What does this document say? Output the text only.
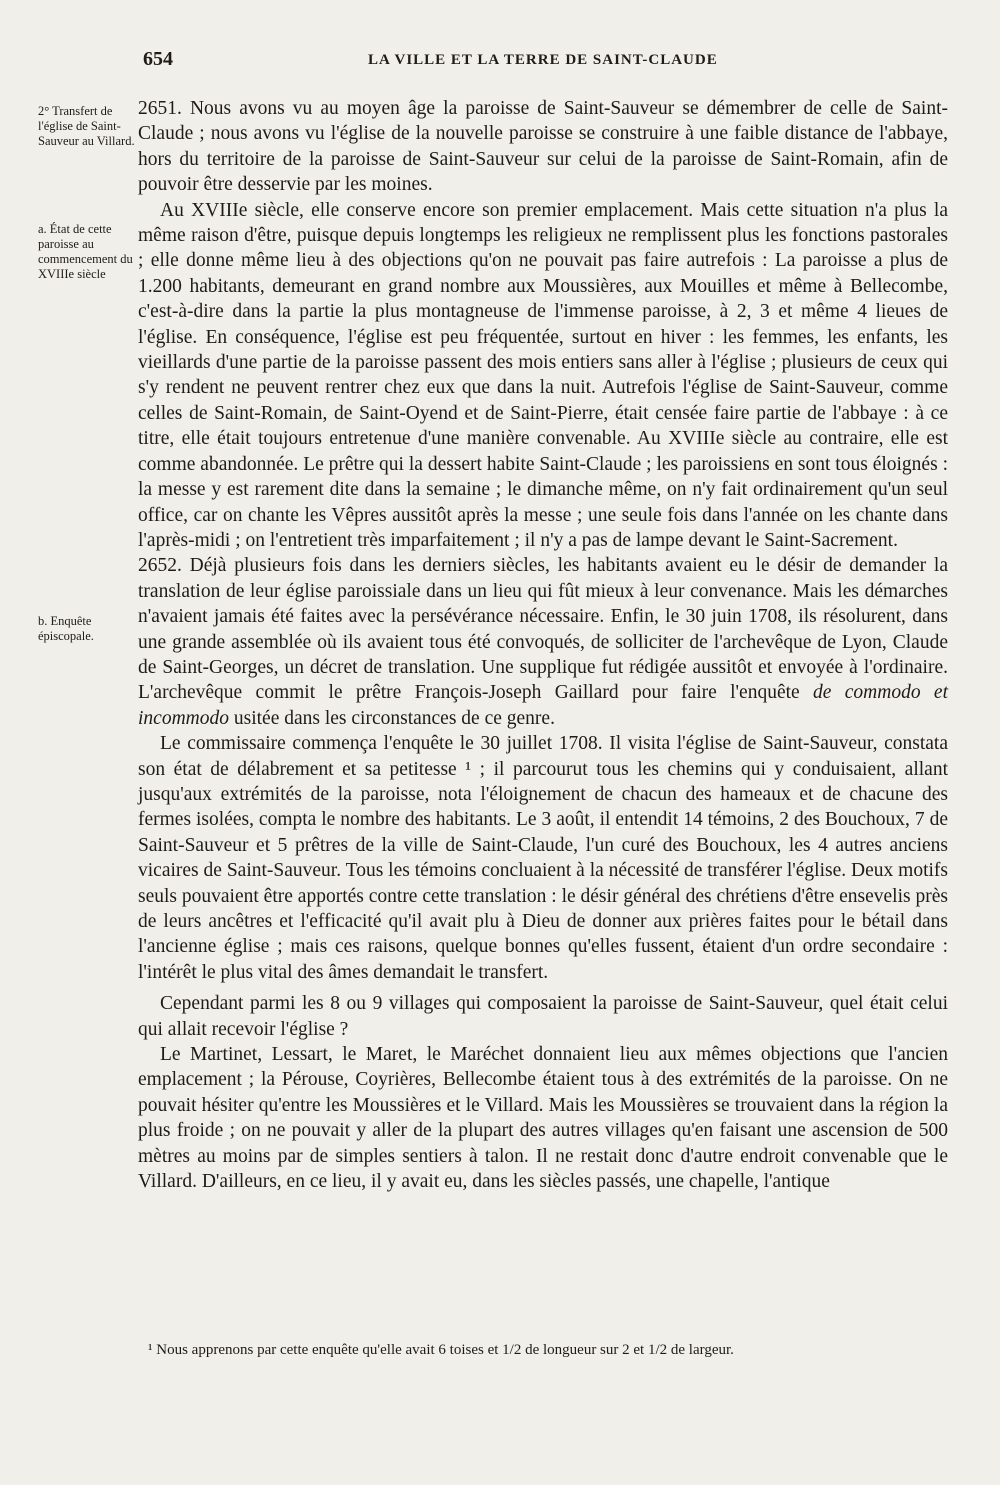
654	LA VILLE ET LA TERRE DE SAINT-CLAUDE

2° Transfert de l'église de Saint-Sauveur au Villard.

a. État de cette paroisse au commencement du XVIIIe siècle

b. Enquête épiscopale.

2651. Nous avons vu au moyen âge la paroisse de Saint-Sauveur se démembrer de celle de Saint-Claude ; nous avons vu l'église de la nouvelle paroisse se construire à une faible distance de l'abbaye, hors du territoire de la paroisse de Saint-Sauveur sur celui de la paroisse de Saint-Romain, afin de pouvoir être desservie par les moines.

Au XVIIIe siècle, elle conserve encore son premier emplacement. Mais cette situation n'a plus la même raison d'être, puisque depuis longtemps les religieux ne remplissent plus les fonctions pastorales ; elle donne même lieu à des objections qu'on ne pouvait pas faire autrefois : La paroisse a plus de 1.200 habitants, demeurant en grand nombre aux Moussières, aux Mouilles et même à Bellecombe, c'est-à-dire dans la partie la plus montagneuse de l'immense paroisse, à 2, 3 et même 4 lieues de l'église. En conséquence, l'église est peu fréquentée, surtout en hiver : les femmes, les enfants, les vieillards d'une partie de la paroisse passent des mois entiers sans aller à l'église ; plusieurs de ceux qui s'y rendent ne peuvent rentrer chez eux que dans la nuit. Autrefois l'église de Saint-Sauveur, comme celles de Saint-Romain, de Saint-Oyend et de Saint-Pierre, était censée faire partie de l'abbaye : à ce titre, elle était toujours entretenue d'une manière convenable. Au XVIIIe siècle au contraire, elle est comme abandonnée. Le prêtre qui la dessert habite Saint-Claude ; les paroissiens en sont tous éloignés : la messe y est rarement dite dans la semaine ; le dimanche même, on n'y fait ordinairement qu'un seul office, car on chante les Vêpres aussitôt après la messe ; une seule fois dans l'année on les chante dans l'après-midi ; on l'entretient très imparfaitement ; il n'y a pas de lampe devant le Saint-Sacrement.

2652. Déjà plusieurs fois dans les derniers siècles, les habitants avaient eu le désir de demander la translation de leur église paroissiale dans un lieu qui fût mieux à leur convenance. Mais les démarches n'avaient jamais été faites avec la persévérance nécessaire. Enfin, le 30 juin 1708, ils résolurent, dans une grande assemblée où ils avaient tous été convoqués, de solliciter de l'archevêque de Lyon, Claude de Saint-Georges, un décret de translation. Une supplique fut rédigée aussitôt et envoyée à l'ordinaire. L'archevêque commit le prêtre François-Joseph Gaillard pour faire l'enquête de commodo et incommodo usitée dans les circonstances de ce genre.

Le commissaire commença l'enquête le 30 juillet 1708. Il visita l'église de Saint-Sauveur, constata son état de délabrement et sa petitesse ¹ ; il parcourut tous les chemins qui y conduisaient, allant jusqu'aux extrémités de la paroisse, nota l'éloignement de chacun des hameaux et de chacune des fermes isolées, compta le nombre des habitants. Le 3 août, il entendit 14 témoins, 2 des Bouchoux, 7 de Saint-Sauveur et 5 prêtres de la ville de Saint-Claude, l'un curé des Bouchoux, les 4 autres anciens vicaires de Saint-Sauveur. Tous les témoins concluaient à la nécessité de transférer l'église. Deux motifs seuls pouvaient être apportés contre cette translation : le désir général des chrétiens d'être ensevelis près de leurs ancêtres et l'efficacité qu'il avait plu à Dieu de donner aux prières faites pour le bétail dans l'ancienne église ; mais ces raisons, quelque bonnes qu'elles fussent, étaient d'un ordre secondaire : l'intérêt le plus vital des âmes demandait le transfert.

Cependant parmi les 8 ou 9 villages qui composaient la paroisse de Saint-Sauveur, quel était celui qui allait recevoir l'église ?

Le Martinet, Lessart, le Maret, le Maréchet donnaient lieu aux mêmes objections que l'ancien emplacement ; la Pérouse, Coyrières, Bellecombe étaient tous à des extrémités de la paroisse. On ne pouvait hésiter qu'entre les Moussières et le Villard. Mais les Moussières se trouvaient dans la région la plus froide ; on ne pouvait y aller de la plupart des autres villages qu'en faisant une ascension de 500 mètres au moins par de simples sentiers à talon. Il ne restait donc d'autre endroit convenable que le Villard. D'ailleurs, en ce lieu, il y avait eu, dans les siècles passés, une chapelle, l'antique

¹ Nous apprenons par cette enquête qu'elle avait 6 toises et 1/2 de longueur sur 2 et 1/2 de largeur.
